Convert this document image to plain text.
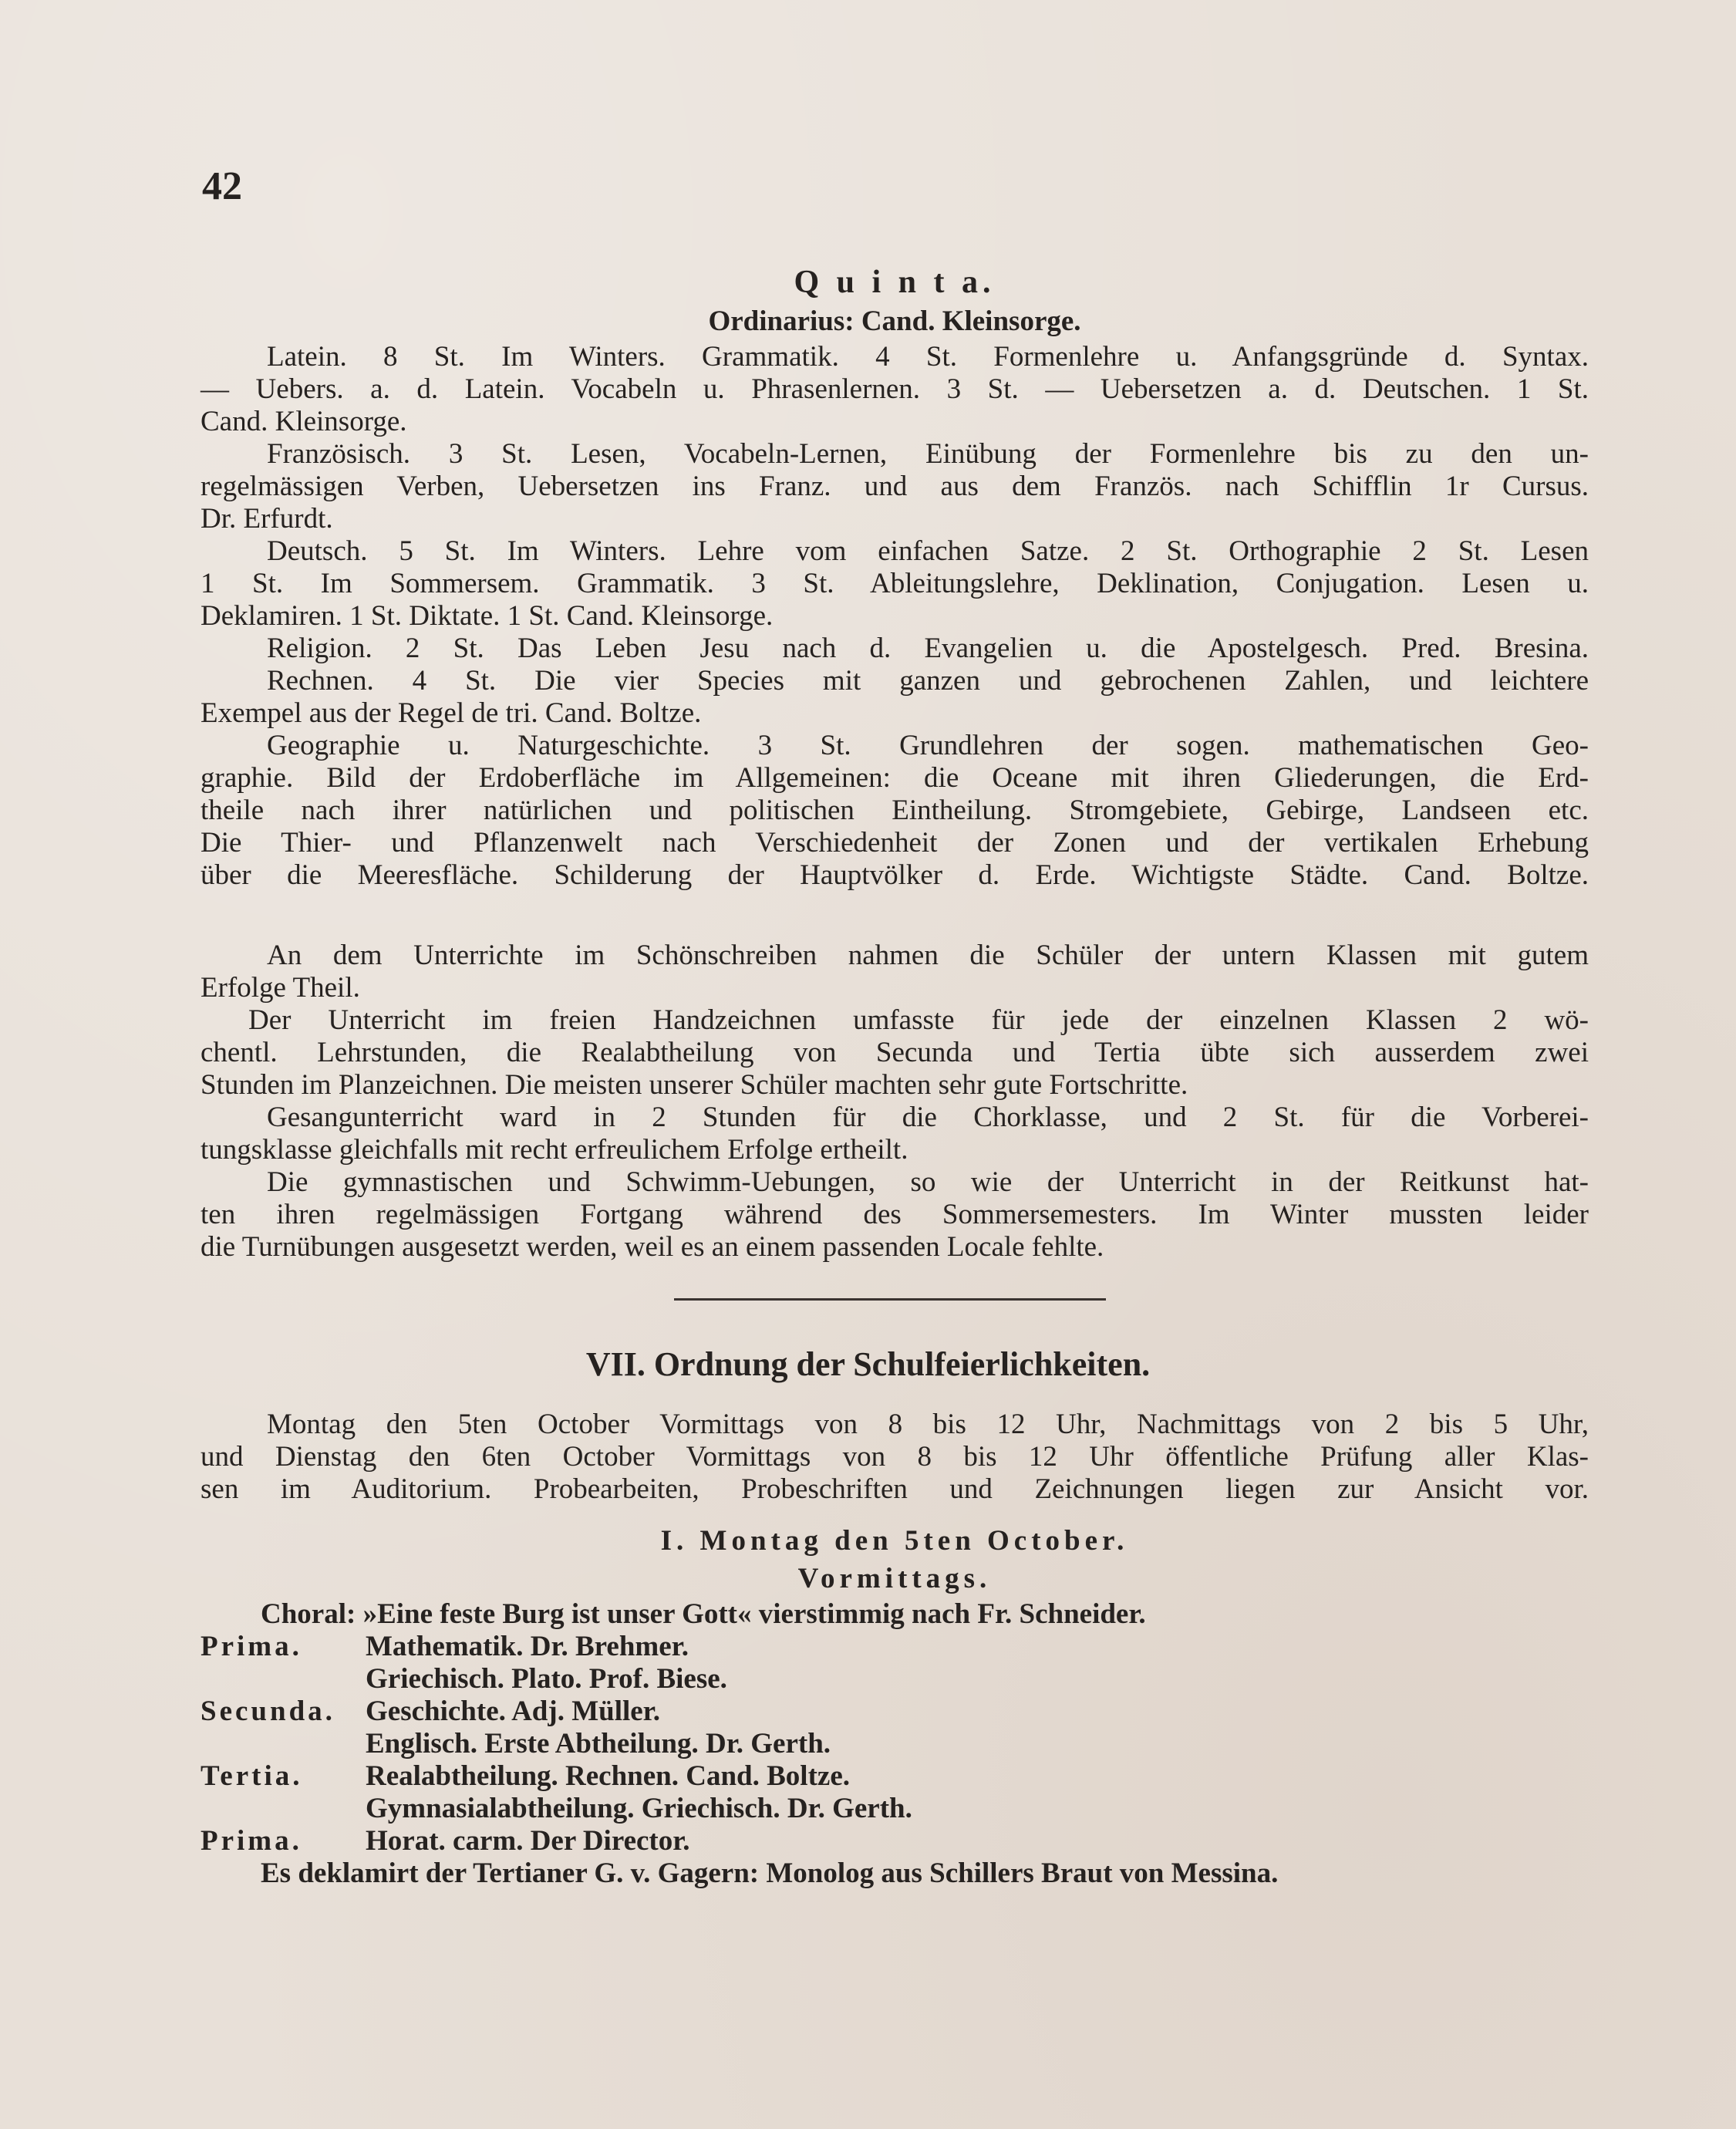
42
Q u i n t a.
Ordinarius: Cand. Kleinsorge.
Latein. 8 St. Im Winters. Grammatik. 4 St. Formenlehre u. Anfangsgründe d. Syntax.
— Uebers. a. d. Latein. Vocabeln u. Phrasenlernen. 3 St. — Uebersetzen a. d. Deutschen. 1 St.
Cand. Kleinsorge.
Französisch. 3 St. Lesen, Vocabeln-Lernen, Einübung der Formenlehre bis zu den un-
regelmässigen Verben, Uebersetzen ins Franz. und aus dem Französ. nach Schifflin 1r Cursus.
Dr. Erfurdt.
Deutsch. 5 St. Im Winters. Lehre vom einfachen Satze. 2 St. Orthographie 2 St. Lesen
1 St. Im Sommersem. Grammatik. 3 St. Ableitungslehre, Deklination, Conjugation. Lesen u.
Deklamiren. 1 St. Diktate. 1 St. Cand. Kleinsorge.
Religion. 2 St. Das Leben Jesu nach d. Evangelien u. die Apostelgesch. Pred. Bresina.
Rechnen. 4 St. Die vier Species mit ganzen und gebrochenen Zahlen, und leichtere
Exempel aus der Regel de tri. Cand. Boltze.
Geographie u. Naturgeschichte. 3 St. Grundlehren der sogen. mathematischen Geo-
graphie. Bild der Erdoberfläche im Allgemeinen: die Oceane mit ihren Gliederungen, die Erd-
theile nach ihrer natürlichen und politischen Eintheilung. Stromgebiete, Gebirge, Landseen etc.
Die Thier- und Pflanzenwelt nach Verschiedenheit der Zonen und der vertikalen Erhebung
über die Meeresfläche. Schilderung der Hauptvölker d. Erde. Wichtigste Städte. Cand. Boltze.
An dem Unterrichte im Schönschreiben nahmen die Schüler der untern Klassen mit gutem
Erfolge Theil.
Der Unterricht im freien Handzeichnen umfasste für jede der einzelnen Klassen 2 wö-
chentl. Lehrstunden, die Realabtheilung von Secunda und Tertia übte sich ausserdem zwei
Stunden im Planzeichnen. Die meisten unserer Schüler machten sehr gute Fortschritte.
Gesangunterricht ward in 2 Stunden für die Chorklasse, und 2 St. für die Vorberei-
tungsklasse gleichfalls mit recht erfreulichem Erfolge ertheilt.
Die gymnastischen und Schwimm-Uebungen, so wie der Unterricht in der Reitkunst hat-
ten ihren regelmässigen Fortgang während des Sommersemesters. Im Winter mussten leider
die Turnübungen ausgesetzt werden, weil es an einem passenden Locale fehlte.
VII. Ordnung der Schulfeierlichkeiten.
Montag den 5ten October Vormittags von 8 bis 12 Uhr, Nachmittags von 2 bis 5 Uhr,
und Dienstag den 6ten October Vormittags von 8 bis 12 Uhr öffentliche Prüfung aller Klas-
sen im Auditorium. Probearbeiten, Probeschriften und Zeichnungen liegen zur Ansicht vor.
I. Montag den 5ten October.
Vormittags.
Choral: »Eine feste Burg ist unser Gott« vierstimmig nach Fr. Schneider.
Prima.	Mathematik. Dr. Brehmer.
Griechisch. Plato. Prof. Biese.
Secunda.	Geschichte. Adj. Müller.
Englisch. Erste Abtheilung. Dr. Gerth.
Tertia.	Realabtheilung. Rechnen. Cand. Boltze.
Gymnasialabtheilung. Griechisch. Dr. Gerth.
Prima.	Horat. carm. Der Director.
Es deklamirt der Tertianer G. v. Gagern: Monolog aus Schillers Braut von Messina.
